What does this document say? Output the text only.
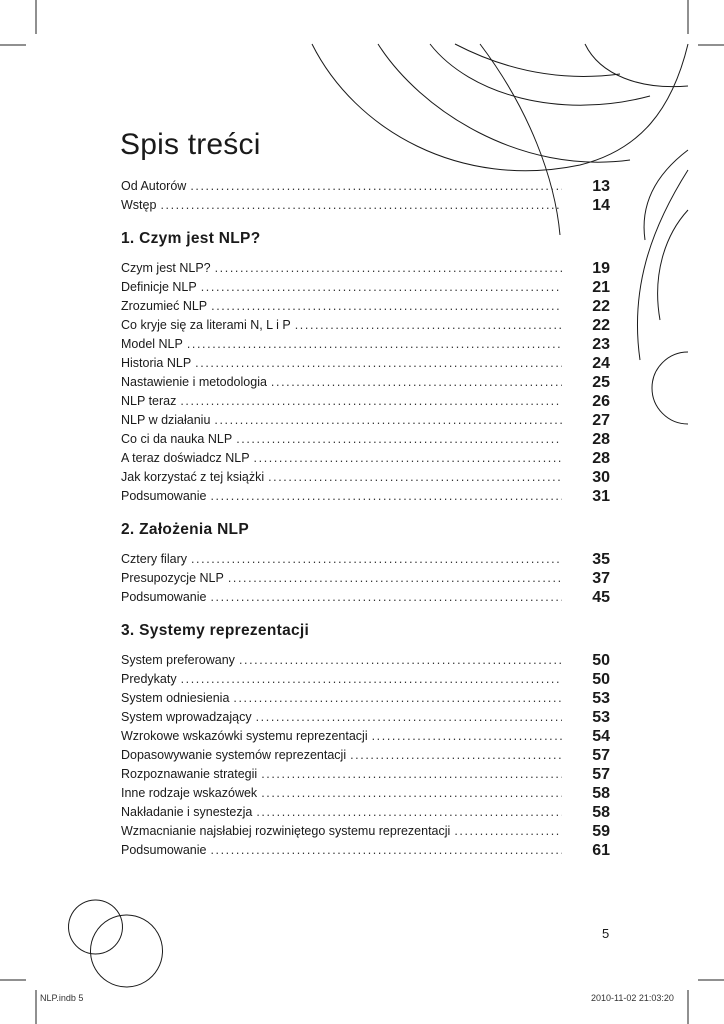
Spis treści
Od Autorów .....	13
Wstęp .....	14
1. Czym jest NLP?
Czym jest NLP? .....	19
Definicje NLP .....	21
Zrozumieć NLP .....	22
Co kryje się za literami N, L i P .....	22
Model NLP .....	23
Historia NLP .....	24
Nastawienie i metodologia .....	25
NLP teraz .....	26
NLP w działaniu .....	27
Co ci da nauka NLP .....	28
A teraz doświadcz NLP .....	28
Jak korzystać z tej książki .....	30
Podsumowanie .....	31
2. Założenia NLP
Cztery filary .....	35
Presupozycje NLP .....	37
Podsumowanie .....	45
3. Systemy reprezentacji
System preferowany .....	50
Predykaty .....	50
System odniesienia .....	53
System wprowadzający .....	53
Wzrokowe wskazówki systemu reprezentacji .....	54
Dopasowywanie systemów reprezentacji .....	57
Rozpoznawanie strategii .....	57
Inne rodzaje wskazówek .....	58
Nakładanie i synestezja .....	58
Wzmacnianie najsłabiej rozwiniętego systemu reprezentacji .....	59
Podsumowanie .....	61
5
NLP.indb 5	2010-11-02 21:03:20
